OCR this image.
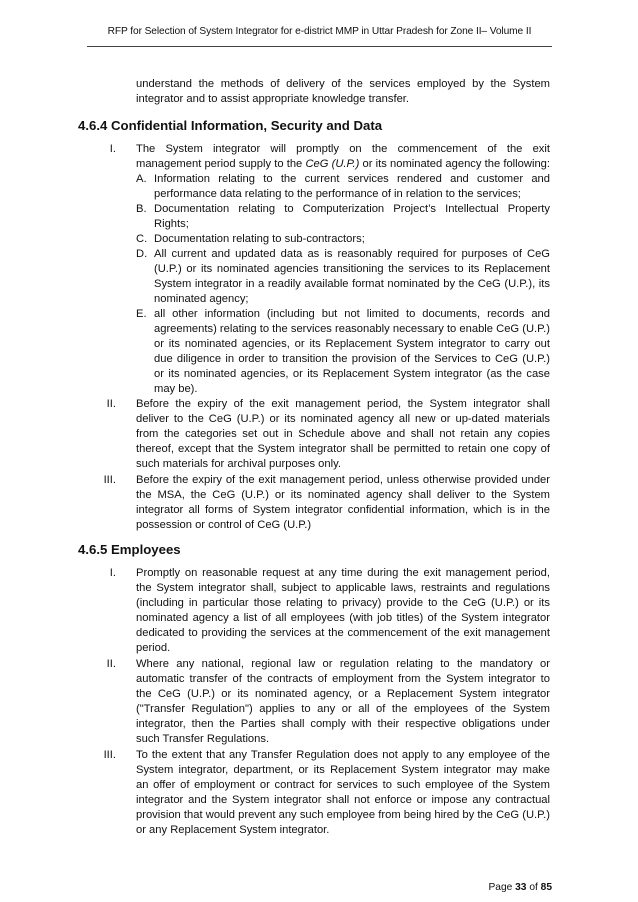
RFP for Selection of System Integrator for e-district MMP in Uttar Pradesh for Zone II– Volume II
understand the methods of delivery of the services employed by the System
integrator and to assist appropriate knowledge transfer.
4.6.4 Confidential Information, Security and Data
I. The System integrator will promptly on the commencement of the exit
management period supply to the CeG (U.P.) or its nominated agency the following:
A. Information relating to the current services rendered and customer and
performance data relating to the performance of in relation to the services;
B. Documentation relating to Computerization Project’s Intellectual Property
Rights;
C. Documentation relating to sub-contractors;
D. All current and updated data as is reasonably required for purposes of CeG
(U.P.) or its nominated agencies transitioning the services to its Replacement
System integrator in a readily available format nominated by the CeG (U.P.), its
nominated agency;
E. all other information (including but not limited to documents, records and
agreements) relating to the services reasonably necessary to enable CeG (U.P.)
or its nominated agencies, or its Replacement System integrator to carry out
due diligence in order to transition the provision of the Services to CeG (U.P.)
or its nominated agencies, or its Replacement System integrator (as the case
may be).
II. Before the expiry of the exit management period, the System integrator shall
deliver to the CeG (U.P.) or its nominated agency all new or up-dated materials
from the categories set out in Schedule above and shall not retain any copies
thereof, except that the System integrator shall be permitted to retain one copy of
such materials for archival purposes only.
III. Before the expiry of the exit management period, unless otherwise provided under
the MSA, the CeG (U.P.) or its nominated agency shall deliver to the System
integrator all forms of System integrator confidential information, which is in the
possession or control of CeG (U.P.)
4.6.5 Employees
I. Promptly on reasonable request at any time during the exit management period,
the System integrator shall, subject to applicable laws, restraints and regulations
(including in particular those relating to privacy) provide to the CeG (U.P.) or its
nominated agency a list of all employees (with job titles) of the System integrator
dedicated to providing the services at the commencement of the exit management
period.
II. Where any national, regional law or regulation relating to the mandatory or
automatic transfer of the contracts of employment from the System integrator to
the CeG (U.P.) or its nominated agency, or a Replacement System integrator
("Transfer Regulation") applies to any or all of the employees of the System
integrator, then the Parties shall comply with their respective obligations under
such Transfer Regulations.
III. To the extent that any Transfer Regulation does not apply to any employee of the
System integrator, department, or its Replacement System integrator may make
an offer of employment or contract for services to such employee of the System
integrator and the System integrator shall not enforce or impose any contractual
provision that would prevent any such employee from being hired by the CeG (U.P.)
or any Replacement System integrator.
Page 33 of 85
